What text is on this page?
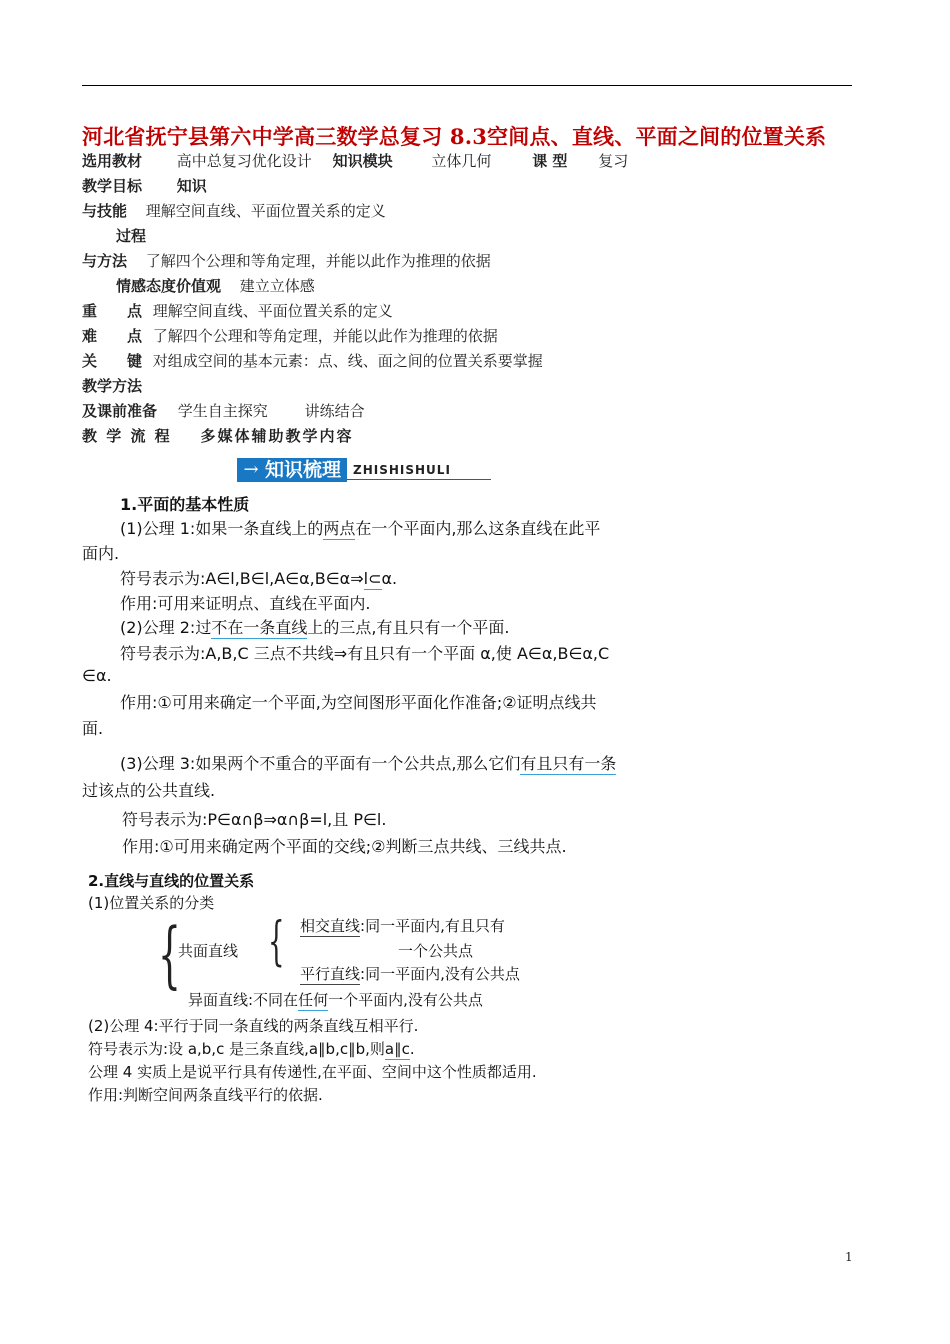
河北省抚宁县第六中学高三数学总复习 8.3空间点、直线、平面之间的位置关系
选用教材 高中总复习优化设计 知识模块	立体几何	课 型 复习
教学目标 知识
与技能 理解空间直线、平面位置关系的定义
过程
与方法 了解四个公理和等角定理，并能以此作为推理的依据
情感态度价值观 建立立体感
重　　点 理解空间直线、平面位置关系的定义
难　　点 了解四个公理和等角定理，并能以此作为推理的依据
关　　键 对组成空间的基本元素：点、线、面之间的位置关系要掌握
教学方法
及课前准备 学生自主探究 讲练结合
教 学 流 程 多媒体辅助教学内容
→ 知识梳理 ZHISHISHULI
1.平面的基本性质
(1)公理 1:如果一条直线上的两点在一个平面内,那么这条直线在此平
面内.
符号表示为:A∈l,B∈l,A∈α,B∈α⇒l⊂α.
作用:可用来证明点、直线在平面内.
(2)公理 2:过不在一条直线上的三点,有且只有一个平面.
符号表示为:A,B,C 三点不共线⇒有且只有一个平面 α,使 A∈α,B∈α,C
∈α.
作用:①可用来确定一个平面,为空间图形平面化作准备;②证明点线共
面.
(3)公理 3:如果两个不重合的平面有一个公共点,那么它们有且只有一条
过该点的公共直线.
符号表示为:P∈α∩β⇒α∩β=l,且 P∈l.
作用:①可用来确定两个平面的交线;②判断三点共线、三线共点.
2.直线与直线的位置关系
(1)位置关系的分类
{
共面直线 { 相交直线:同一平面内,有且只有
一个公共点
平行直线:同一平面内,没有公共点
异面直线:不同在任何一个平面内,没有公共点
(2)公理 4:平行于同一条直线的两条直线互相平行.
符号表示为:设 a,b,c 是三条直线,a∥b,c∥b,则a∥c.
公理 4 实质上是说平行具有传递性,在平面、空间中这个性质都适用.
作用:判断空间两条直线平行的依据.
1
